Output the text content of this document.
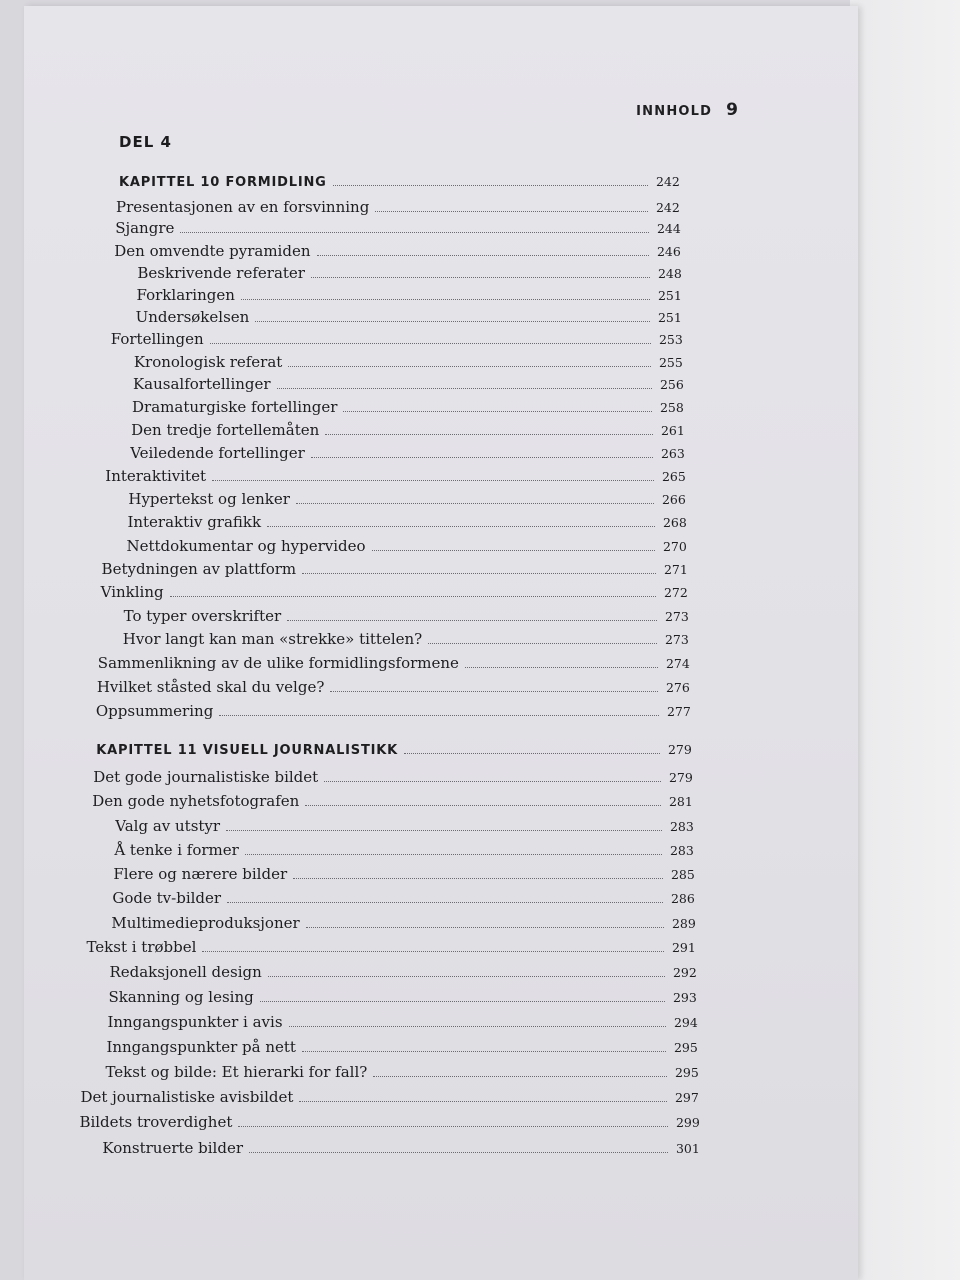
INNHOLD 9
DEL 4
KAPITTEL 10 FORMIDLING	242
Presentasjonen av en forsvinning	242
Sjangre	244
Den omvendte pyramiden	246
Beskrivende referater	248
Forklaringen	251
Undersøkelsen	251
Fortellingen	253
Kronologisk referat	255
Kausalfortellinger	256
Dramaturgiske fortellinger	258
Den tredje fortellemåten	261
Veiledende fortellinger	263
Interaktivitet	265
Hypertekst og lenker	266
Interaktiv grafikk	268
Nettdokumentar og hypervideo	270
Betydningen av plattform	271
Vinkling	272
To typer overskrifter	273
Hvor langt kan man «strekke» tittelen?	273
Sammenlikning av de ulike formidlingsformene	274
Hvilket ståsted skal du velge?	276
Oppsummering	277
KAPITTEL 11 VISUELL JOURNALISTIKK	279
Det gode journalistiske bildet	279
Den gode nyhetsfotografen	281
Valg av utstyr	283
Å tenke i former	283
Flere og nærere bilder	285
Gode tv-bilder	286
Multimedieproduksjoner	289
Tekst i trøbbel	291
Redaksjonell design	292
Skanning og lesing	293
Inngangspunkter i avis	294
Inngangspunkter på nett	295
Tekst og bilde: Et hierarki for fall?	295
Det journalistiske avisbildet	297
Bildets troverdighet	299
Konstruerte bilder	301
